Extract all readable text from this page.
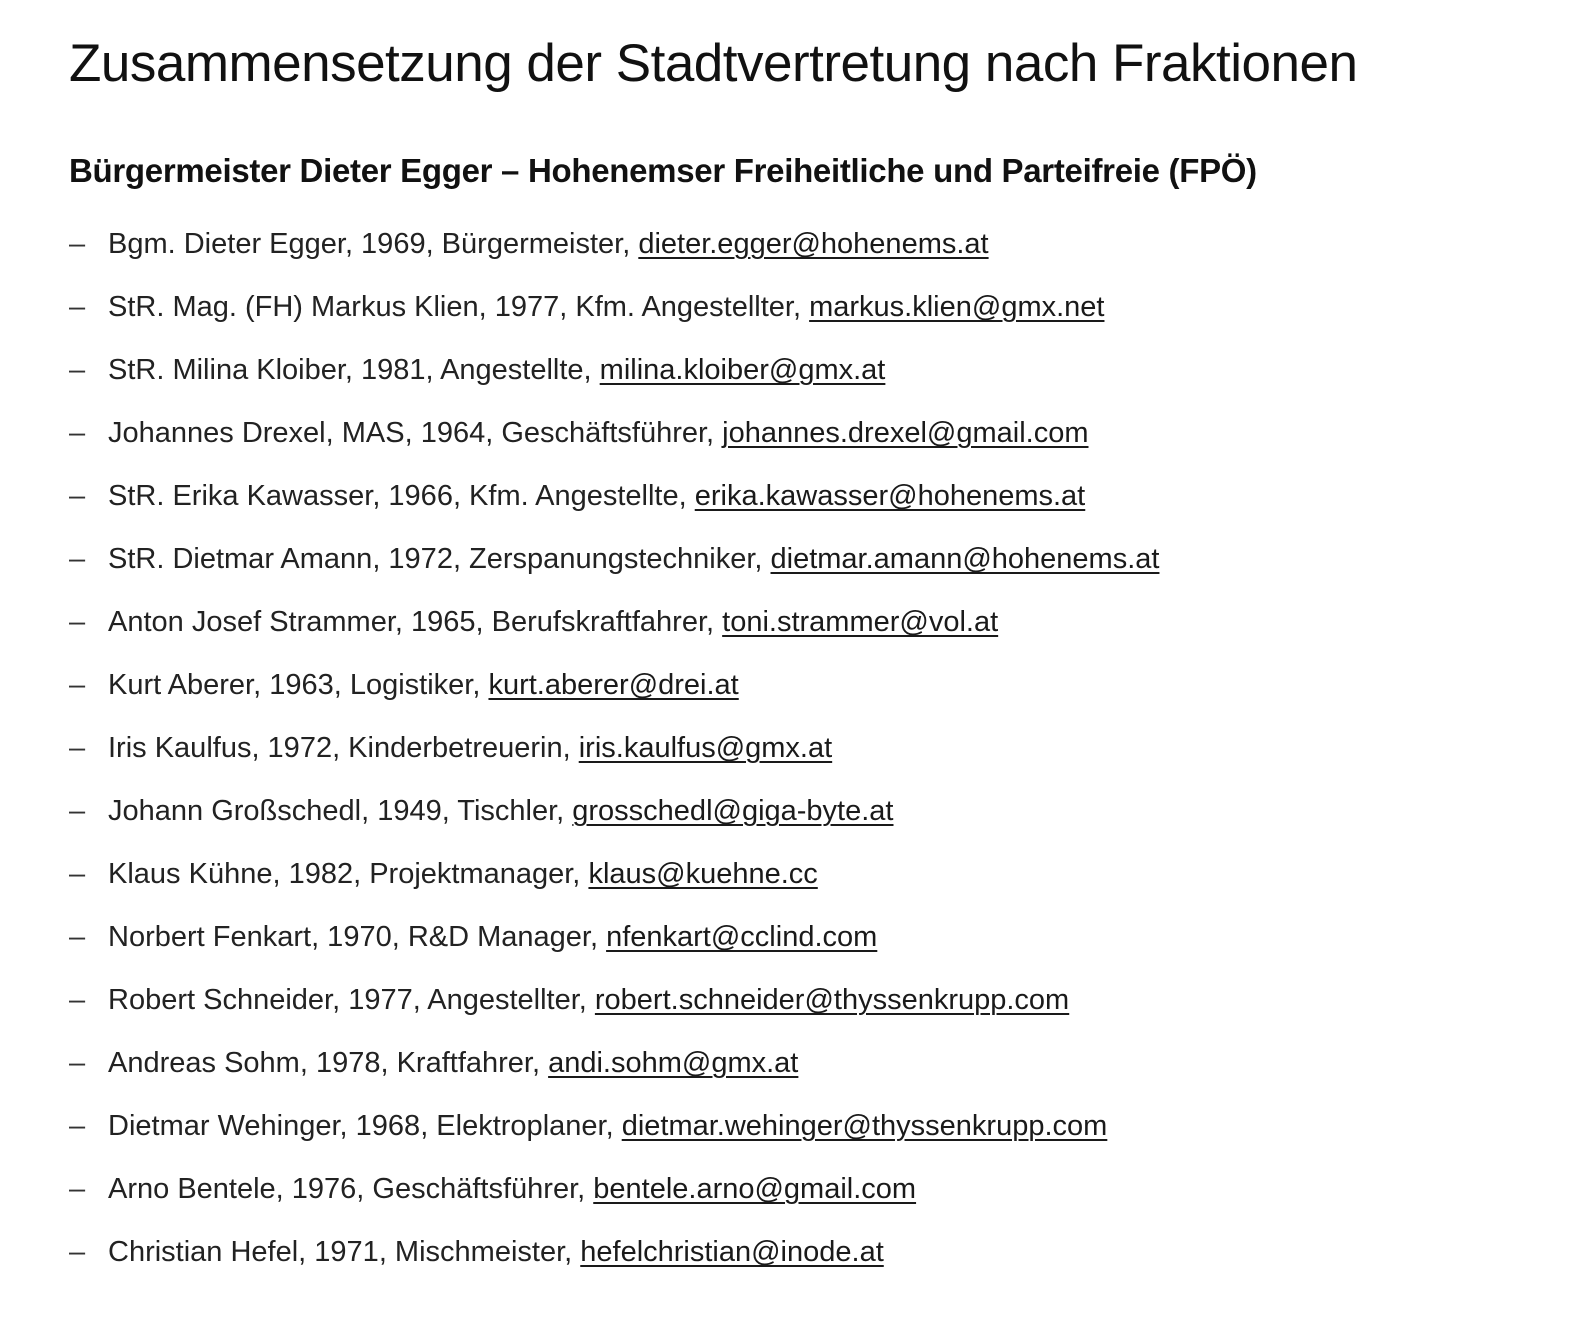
Zusammensetzung der Stadtvertretung nach Fraktionen
Bürgermeister Dieter Egger – Hohenemser Freiheitliche und Parteifreie (FPÖ)
– Bgm. Dieter Egger, 1969, Bürgermeister, dieter.egger@hohenems.at
– StR. Mag. (FH) Markus Klien, 1977, Kfm. Angestellter, markus.klien@gmx.net
– StR. Milina Kloiber, 1981, Angestellte, milina.kloiber@gmx.at
– Johannes Drexel, MAS, 1964, Geschäftsführer, johannes.drexel@gmail.com
– StR. Erika Kawasser, 1966, Kfm. Angestellte, erika.kawasser@hohenems.at
– StR. Dietmar Amann, 1972, Zerspanungstechniker, dietmar.amann@hohenems.at
– Anton Josef Strammer, 1965, Berufskraftfahrer, toni.strammer@vol.at
– Kurt Aberer, 1963, Logistiker, kurt.aberer@drei.at
– Iris Kaulfus, 1972, Kinderbetreuerin, iris.kaulfus@gmx.at
– Johann Großschedl, 1949, Tischler, grosschedl@giga-byte.at
– Klaus Kühne, 1982, Projektmanager, klaus@kuehne.cc
– Norbert Fenkart, 1970, R&D Manager, nfenkart@cclind.com
– Robert Schneider, 1977, Angestellter, robert.schneider@thyssenkrupp.com
– Andreas Sohm, 1978, Kraftfahrer, andi.sohm@gmx.at
– Dietmar Wehinger, 1968, Elektroplaner, dietmar.wehinger@thyssenkrupp.com
– Arno Bentele, 1976, Geschäftsführer, bentele.arno@gmail.com
– Christian Hefel, 1971, Mischmeister, hefelchristian@inode.at
